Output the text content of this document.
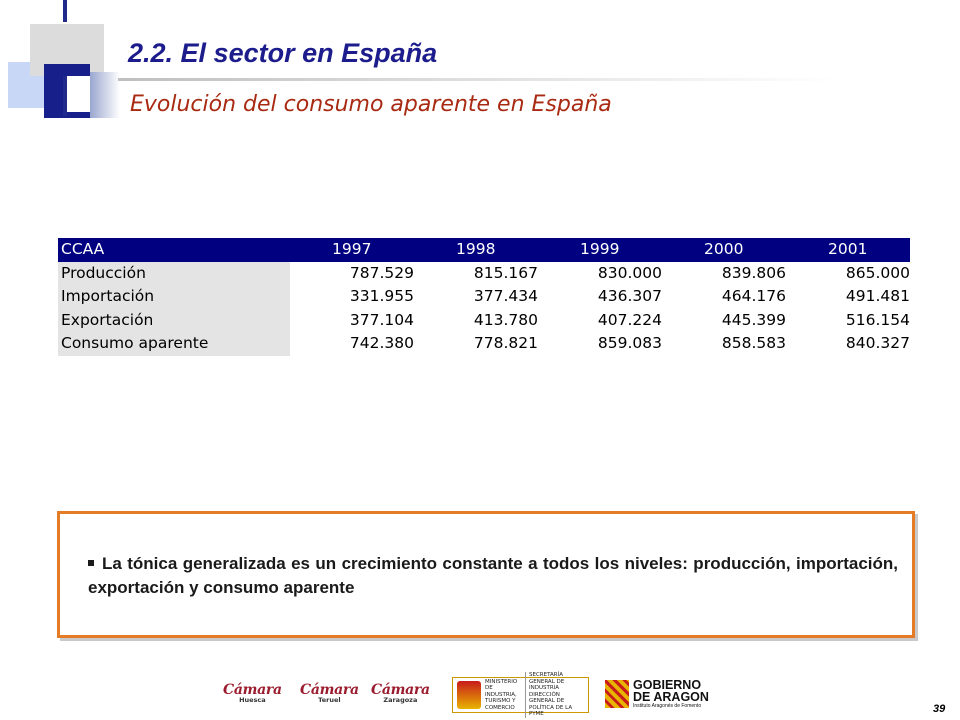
2.2. El sector en España
Evolución del consumo aparente en España
CCAA	1997	1998	1999	2000	2001
Producción	787.529	815.167	830.000	839.806	865.000
Importación	331.955	377.434	436.307	464.176	491.481
Exportación	377.104	413.780	407.224	445.399	516.154
Consumo aparente	742.380	778.821	859.083	858.583	840.327
La tónica generalizada es un crecimiento constante a todos los niveles: producción, importación, exportación y consumo aparente
Cámara
Huesca
Cámara
Teruel
Cámara
Zaragoza
MINISTERIO DE INDUSTRIA, TURISMO Y COMERCIO
SECRETARÍA GENERAL DE INDUSTRIA DIRECCIÓN GENERAL DE POLÍTICA DE LA PYME
GOBIERNO
DE ARAGON
Instituto Aragonés de Fomento	39
